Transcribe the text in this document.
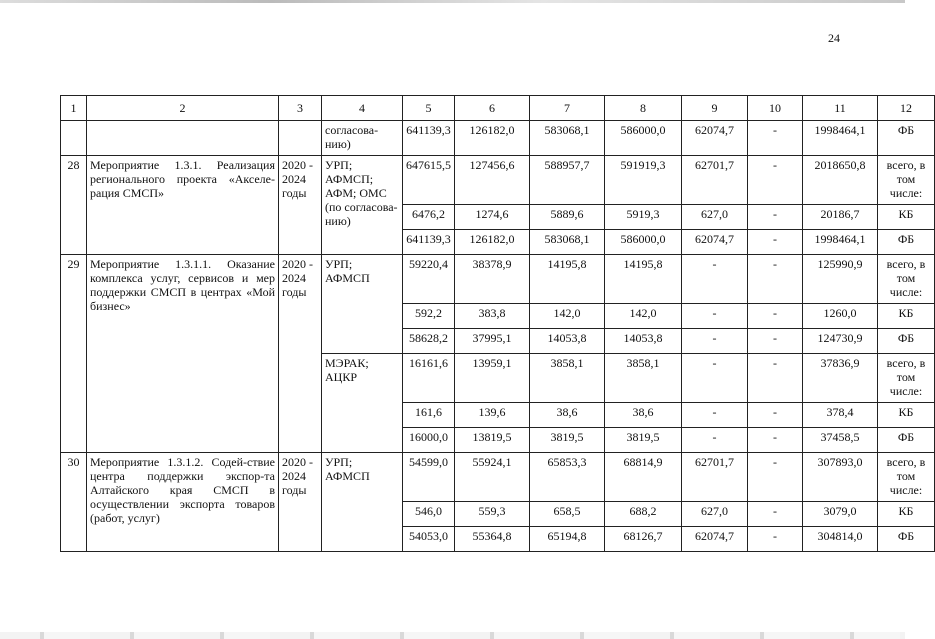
24
1	2	3	4	5	6	7	8	9	10	11	12
			согласова-нию)	641139,3	126182,0	583068,1	586000,0	62074,7	-	1998464,1	ФБ
28	Мероприятие 1.3.1. Реализация регионального проекта «Акселе-рация СМСП»	2020 - 2024 годы	УРП; АФМСП; АФМ; ОМС (по согласова-нию)	647615,5	127456,6	588957,7	591919,3	62701,7	-	2018650,8	всего, в том числе:
				6476,2	1274,6	5889,6	5919,3	627,0	-	20186,7	КБ
				641139,3	126182,0	583068,1	586000,0	62074,7	-	1998464,1	ФБ
29	Мероприятие 1.3.1.1. Оказание комплекса услуг, сервисов и мер поддержки СМСП в центрах «Мой бизнес»	2020 - 2024 годы	УРП; АФМСП	59220,4	38378,9	14195,8	14195,8	-	-	125990,9	всего, в том числе:
				592,2	383,8	142,0	142,0	-	-	1260,0	КБ
				58628,2	37995,1	14053,8	14053,8	-	-	124730,9	ФБ
			МЭРАК; АЦКР	16161,6	13959,1	3858,1	3858,1	-	-	37836,9	всего, в том числе:
				161,6	139,6	38,6	38,6	-	-	378,4	КБ
				16000,0	13819,5	3819,5	3819,5	-	-	37458,5	ФБ
30	Мероприятие 1.3.1.2. Содей-ствие центра поддержки экспор-та Алтайского края СМСП в осуществлении экспорта товаров (работ, услуг)	2020 - 2024 годы	УРП; АФМСП	54599,0	55924,1	65853,3	68814,9	62701,7	-	307893,0	всего, в том числе:
				546,0	559,3	658,5	688,2	627,0	-	3079,0	КБ
				54053,0	55364,8	65194,8	68126,7	62074,7	-	304814,0	ФБ
